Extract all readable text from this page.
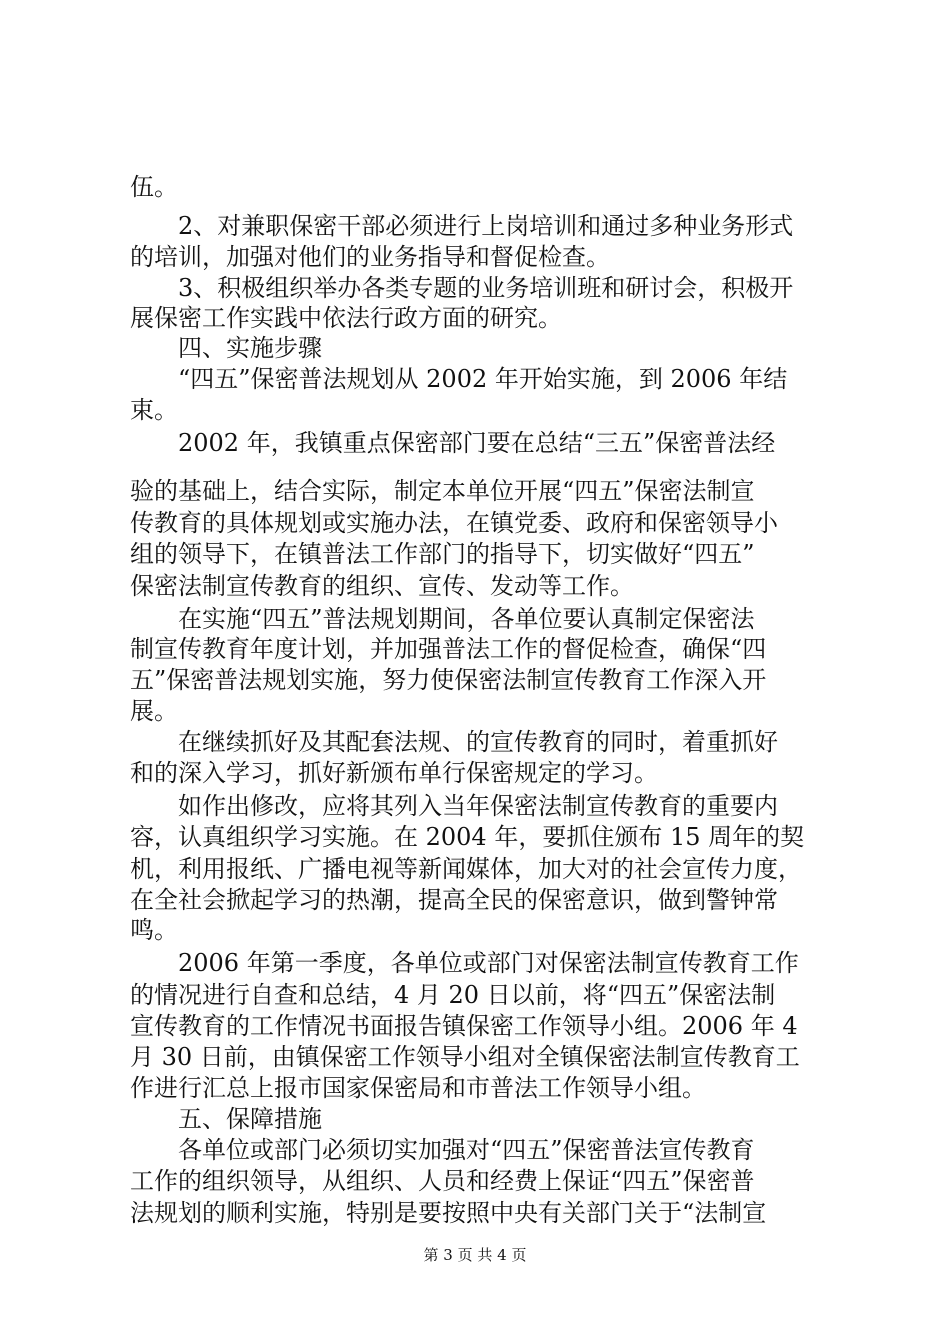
伍。
2、对兼职保密干部必须进行上岗培训和通过多种业务形式
的培训，加强对他们的业务指导和督促检查。
3、积极组织举办各类专题的业务培训班和研讨会，积极开
展保密工作实践中依法行政方面的研究。
四、实施步骤
“四五”保密普法规划从 2002 年开始实施，到 2006 年结
束。
2002 年，我镇重点保密部门要在总结“三五”保密普法经
验的基础上，结合实际，制定本单位开展“四五”保密法制宣
传教育的具体规划或实施办法，在镇党委、政府和保密领导小
组的领导下，在镇普法工作部门的指导下，切实做好“四五”
保密法制宣传教育的组织、宣传、发动等工作。
在实施“四五”普法规划期间，各单位要认真制定保密法
制宣传教育年度计划，并加强普法工作的督促检查，确保“四
五”保密普法规划实施，努力使保密法制宣传教育工作深入开
展。
在继续抓好及其配套法规、的宣传教育的同时，着重抓好
和的深入学习，抓好新颁布单行保密规定的学习。
如作出修改，应将其列入当年保密法制宣传教育的重要内
容，认真组织学习实施。在 2004 年，要抓住颁布 15 周年的契
机，利用报纸、广播电视等新闻媒体，加大对的社会宣传力度，
在全社会掀起学习的热潮，提高全民的保密意识，做到警钟常
鸣。
2006 年第一季度，各单位或部门对保密法制宣传教育工作
的情况进行自查和总结，4 月 20 日以前，将“四五”保密法制
宣传教育的工作情况书面报告镇保密工作领导小组。2006 年 4
月 30 日前，由镇保密工作领导小组对全镇保密法制宣传教育工
作进行汇总上报市国家保密局和市普法工作领导小组。
五、保障措施
各单位或部门必须切实加强对“四五”保密普法宣传教育
工作的组织领导，从组织、人员和经费上保证“四五”保密普
法规划的顺利实施，特别是要按照中央有关部门关于“法制宣
第 3 页 共 4 页
